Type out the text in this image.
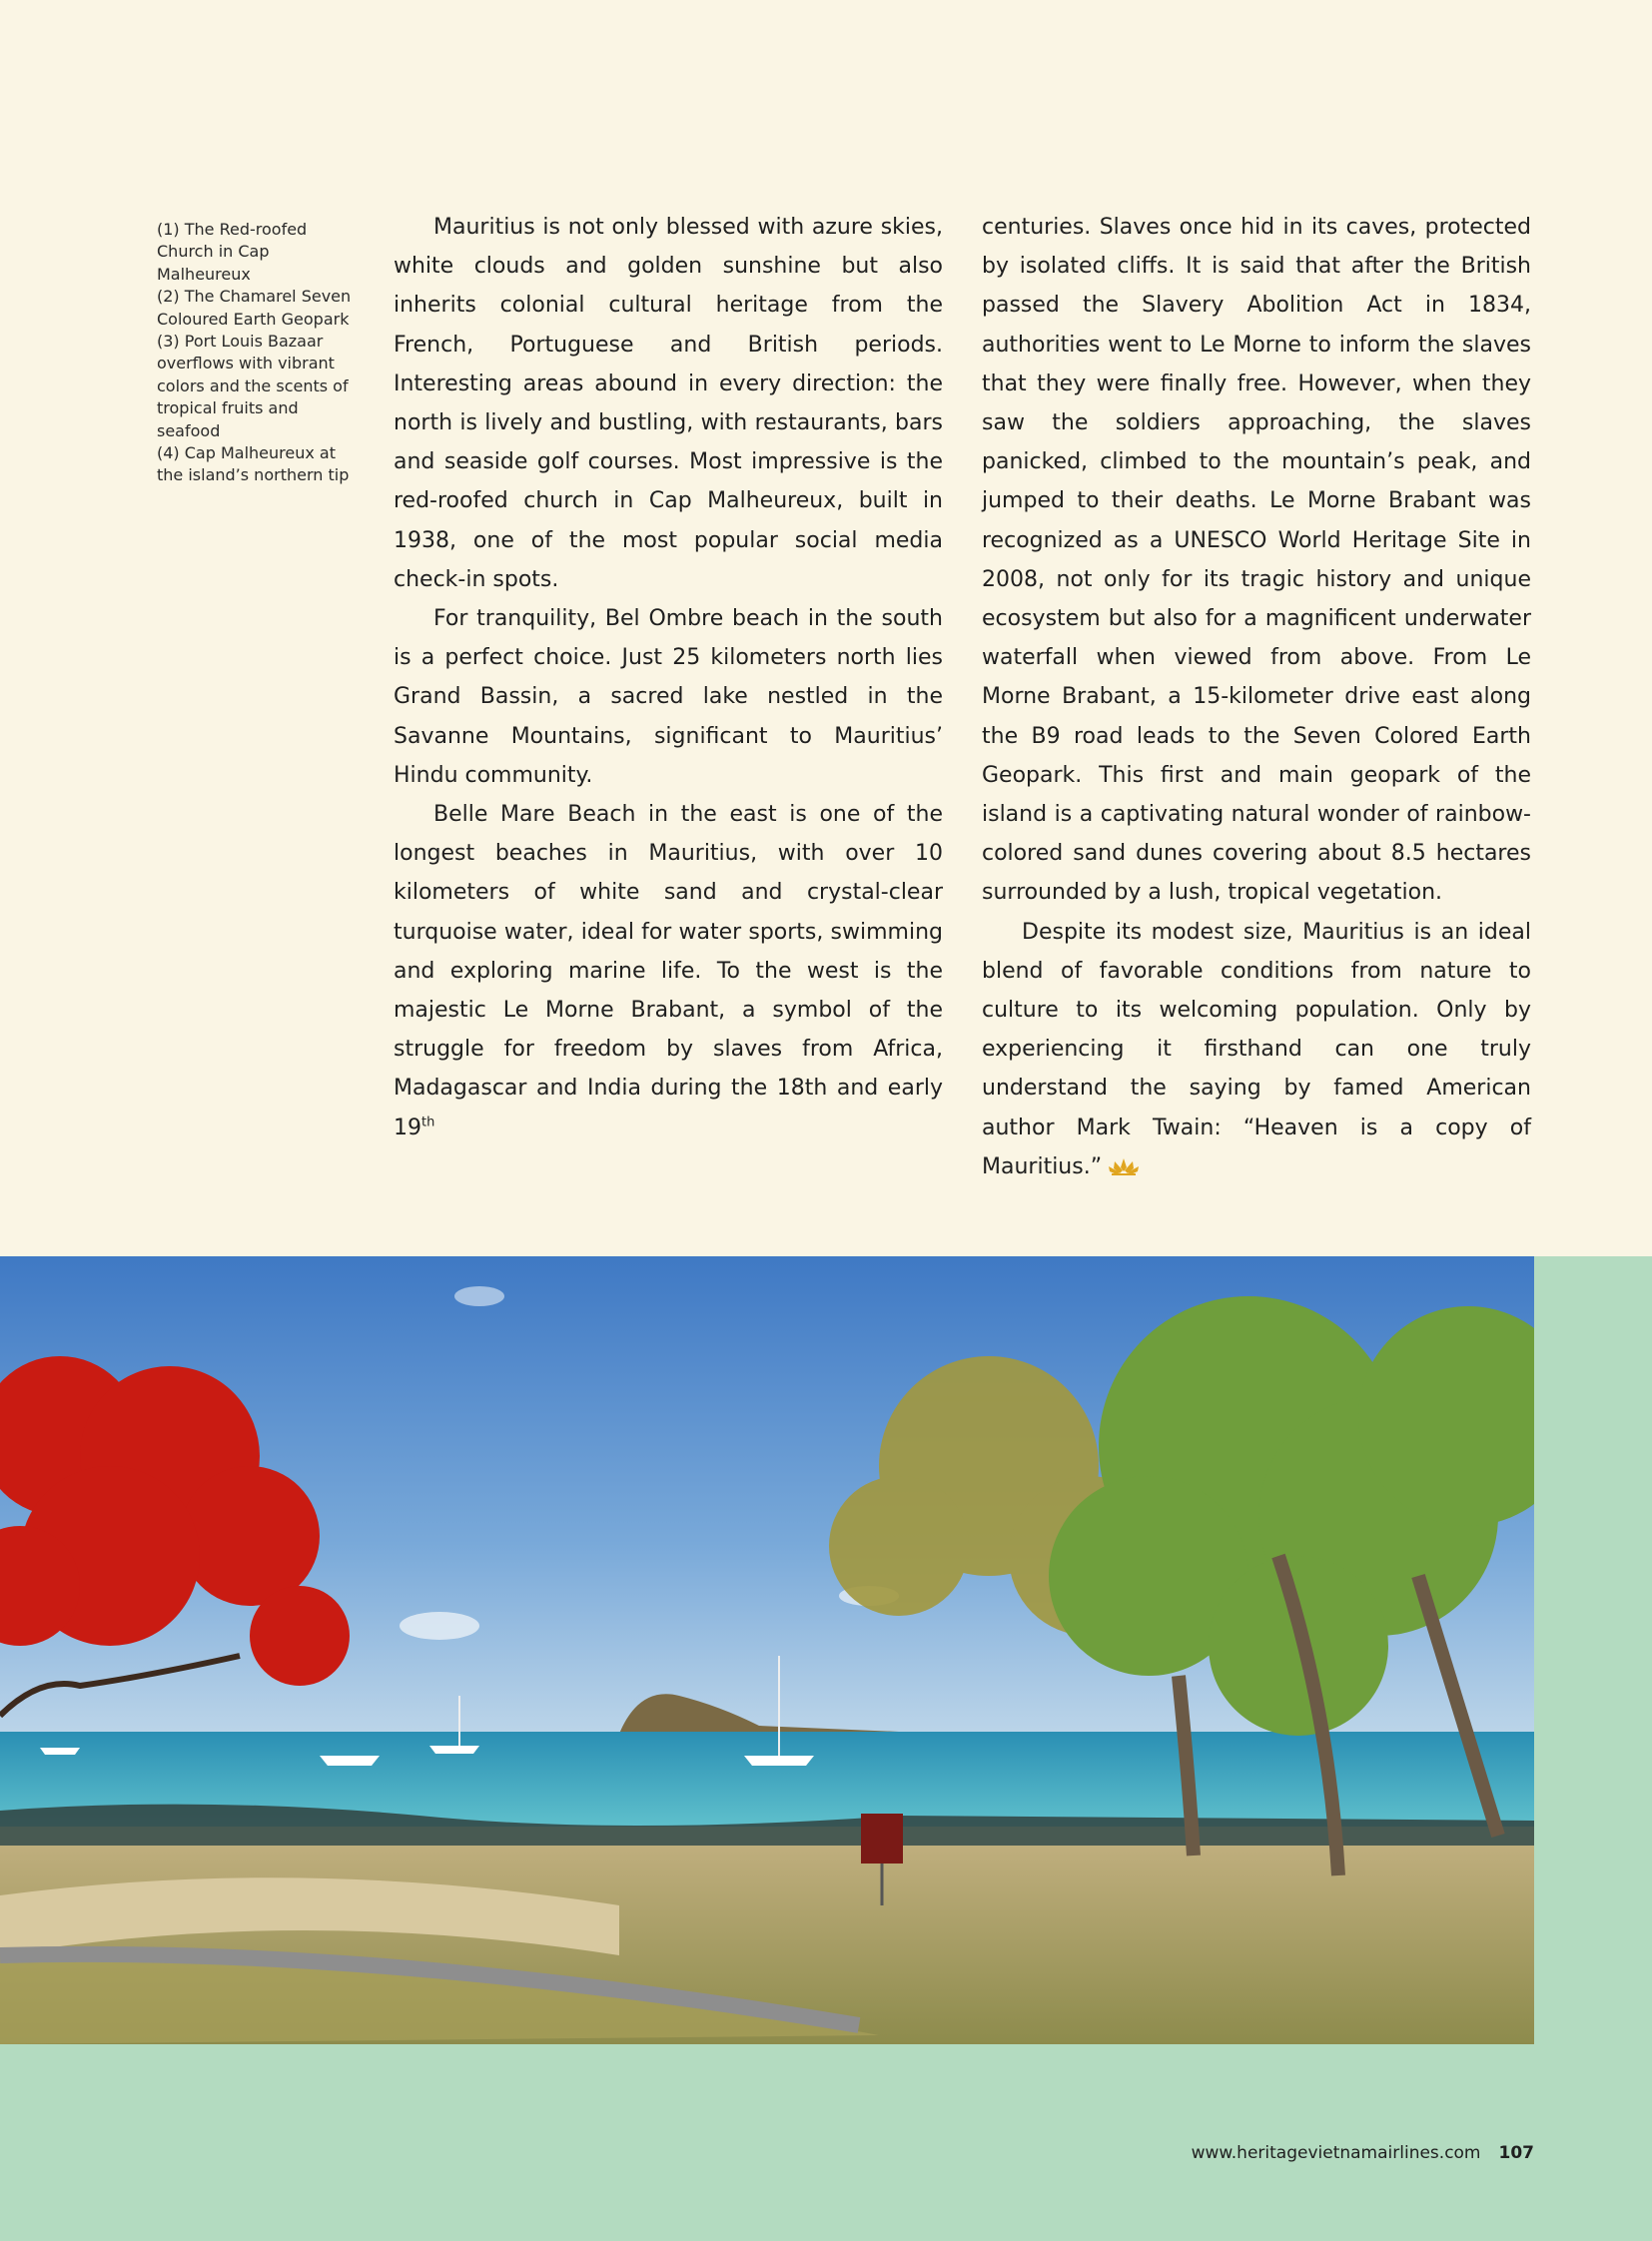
(1) The Red-roofed Church in Cap Malheureux
(2) The Chamarel Seven Coloured Earth Geopark
(3) Port Louis Bazaar overflows with vibrant colors and the scents of tropical fruits and seafood
(4) Cap Malheureux at the island’s northern tip

Mauritius is not only blessed with azure skies, white clouds and golden sunshine but also inherits colonial cultural heritage from the French, Portuguese and British periods. Interesting areas abound in every direction: the north is lively and bustling, with restaurants, bars and seaside golf courses. Most impressive is the red-roofed church in Cap Malheureux, built in 1938, one of the most popular social media check-in spots.

For tranquility, Bel Ombre beach in the south is a perfect choice. Just 25 kilometers north lies Grand Bassin, a sacred lake nestled in the Savanne Mountains, significant to Mauritius’ Hindu community.

Belle Mare Beach in the east is one of the longest beaches in Mauritius, with over 10 kilometers of white sand and crystal-clear turquoise water, ideal for water sports, swimming and exploring marine life. To the west is the majestic Le Morne Brabant, a symbol of the struggle for freedom by slaves from Africa, Madagascar and India during the 18th and early 19th

centuries. Slaves once hid in its caves, protected by isolated cliffs. It is said that after the British passed the Slavery Abolition Act in 1834, authorities went to Le Morne to inform the slaves that they were finally free. However, when they saw the soldiers approaching, the slaves panicked, climbed to the mountain’s peak, and jumped to their deaths. Le Morne Brabant was recognized as a UNESCO World Heritage Site in 2008, not only for its tragic history and unique ecosystem but also for a magnificent underwater waterfall when viewed from above. From Le Morne Brabant, a 15-kilometer drive east along the B9 road leads to the Seven Colored Earth Geopark. This first and main geopark of the island is a captivating natural wonder of rainbow-colored sand dunes covering about 8.5 hectares surrounded by a lush, tropical vegetation.

Despite its modest size, Mauritius is an ideal blend of favorable conditions from nature to culture to its welcoming population. Only by experiencing it firsthand can one truly understand the saying by famed American author Mark Twain: “Heaven is a copy of Mauritius.”

www.heritagevietnamairlines.com 107
